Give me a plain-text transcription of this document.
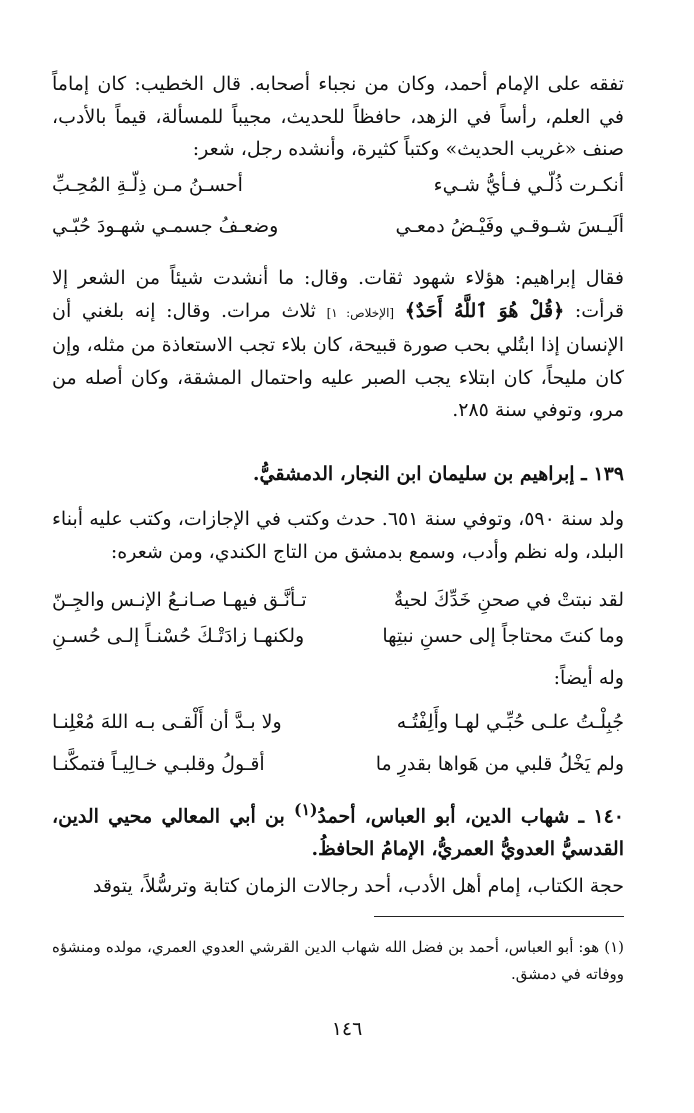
تفقه على الإمام أحمد، وكان من نجباء أصحابه. قال الخطيب: كان إماماً في العلم، رأساً في الزهد، حافظاً للحديث، مجيباً للمسألة، قيماً بالأدب، صنف «غريب الحديث» وكتباً كثيرة، وأنشده رجل، شعر:

أنكـرت ذُلّـي فـأيُّ شـيء
أحسـنُ مـن ذِلّـةِ المُحِـبِّ
ألَيـسَ شـوقـي وفَيْـضُ دمعـي
وضعـفُ جسمـي شهـودَ حُبّـي

فقال إبراهيم: هؤلاء شهود ثقات. وقال: ما أنشدت شيئاً من الشعر إلا قرأت: ﴿قُلْ هُوَ ٱللَّهُ أَحَدٌ﴾ [الإخلاص: ١] ثلاث مرات. وقال: إنه بلغني أن الإنسان إذا ابتُلي بحب صورة قبيحة، كان بلاء تجب الاستعاذة من مثله، وإن كان مليحاً، كان ابتلاء يجب الصبر عليه واحتمال المشقة، وكان أصله من مرو، وتوفي سنة ٢٨٥.

١٣٩ ـ إبراهيم بن سليمان ابن النجار، الدمشقيُّ.

ولد سنة ٥٩٠، وتوفي سنة ٦٥١. حدث وكتب في الإجازات، وكتب عليه أبناء البلد، وله نظم وأدب، وسمع بدمشق من التاج الكندي، ومن شعره:

لقد نبتتْ في صحنِ خَدِّكَ لحيةٌ
تـأنَّـق فيهـا صـانـعُ الإنـس والجِـنّ
وما كنتَ محتاجاً إلى حسنِ نبتِها
ولكنهـا زادَتْـكَ حُسْنـاً إلـى حُسـنِ

وله أيضاً:

جُبِلْـتُ علـى حُبِّـي لهـا وأَلِفْتُـه
ولا بـدَّ أن أَلْقـى بـه اللهَ مُعْلِنـا
ولم يَخْلُ قلبي من هَواها بقدرِ ما
أقـولُ وقلبـي خـالِيـاً فتمكَّنـا

١٤٠ ـ شهاب الدين، أبو العباس، أحمدُ$^{(١)}$ بن أبي المعالي محيي الدين، القدسيُّ العدويُّ العمريُّ، الإمامُ الحافظُ.

حجة الكتاب، إمام أهل الأدب، أحد رجالات الزمان كتابة وترسُّلاً، يتوقد

(١) هو: أبو العباس، أحمد بن فضل الله شهاب الدين القرشي العدوي العمري، مولده ومنشؤه ووفاته في دمشق.

١٤٦
